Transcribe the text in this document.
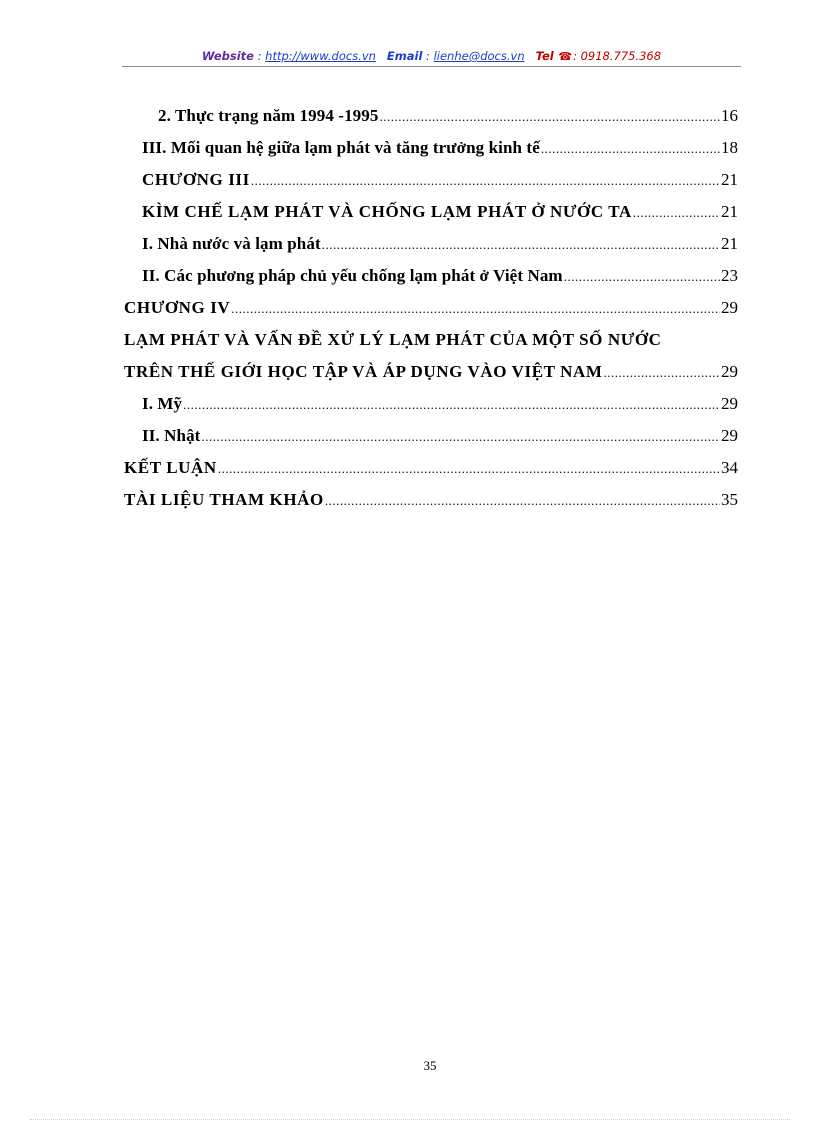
Website : http://www.docs.vn Email : lienhe@docs.vn Tel ☎: 0918.775.368
2. Thực trạng năm 1994 -1995 .....	16
III. Mối quan hệ giữa lạm phát và tăng trưởng kinh tế .....	18
CHƯƠNG III .....	21
KÌM CHẾ LẠM PHÁT VÀ CHỐNG LẠM PHÁT Ở NƯỚC TA .....	21
I. Nhà nước và lạm phát .....	21
II. Các phương pháp chủ yếu chống lạm phát ở Việt Nam .....	23
CHƯƠNG IV .....	29
LẠM PHÁT VÀ VẤN ĐỀ XỬ LÝ LẠM PHÁT CỦA MỘT SỐ NƯỚC
TRÊN THẾ GIỚI HỌC TẬP VÀ ÁP DỤNG VÀO VIỆT NAM .....	29
I. Mỹ .....	29
II. Nhật .....	29
KẾT LUẬN .....	34
TÀI LIỆU THAM KHẢO .....	35
35
